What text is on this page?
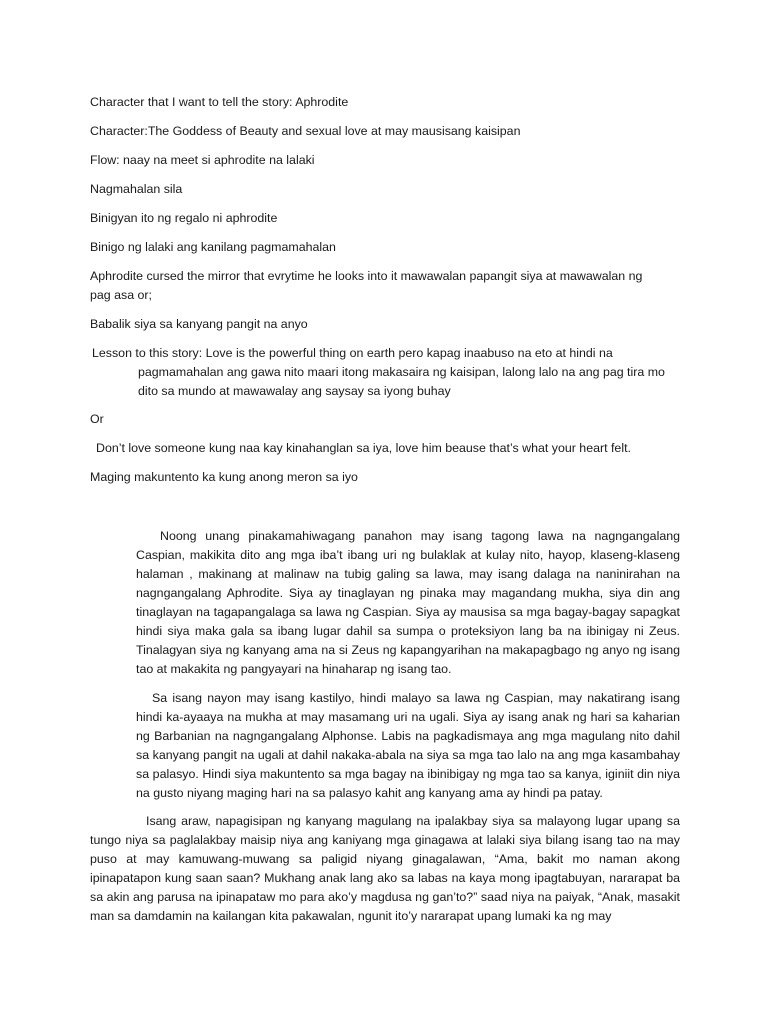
Character that I want to tell the story: Aphrodite
Character:The Goddess of Beauty and sexual love at may mausisang kaisipan
Flow: naay na meet si aphrodite na lalaki
Nagmahalan sila
Binigyan ito ng regalo ni aphrodite
Binigo ng lalaki ang kanilang pagmamahalan
Aphrodite cursed the mirror that evrytime he looks into it mawawalan papangit siya at mawawalan ng
pag asa or;
Babalik siya sa kanyang pangit na anyo
Lesson to this story: Love is the powerful thing on earth pero kapag inaabuso na eto at hindi na
pagmamahalan ang gawa nito maari itong makasaira ng kaisipan, lalong lalo na ang pag tira mo dito sa mundo at mawawalay ang saysay sa iyong buhay
Or
Don’t love someone kung naa kay kinahanglan sa iya, love him beause that’s what your heart felt.
Maging makuntento ka kung anong meron sa iyo

Noong unang pinakamahiwagang panahon may isang tagong lawa na nagngangalang Caspian, makikita dito ang mga iba’t ibang uri ng bulaklak at kulay nito, hayop, klaseng-klaseng halaman , makinang at malinaw na tubig galing sa lawa, may isang dalaga na naninirahan na nagngangalang Aphrodite. Siya ay tinaglayan ng pinaka may magandang mukha, siya din ang tinaglayan na tagapangalaga sa lawa ng Caspian. Siya ay mausisa sa mga bagay-bagay sapagkat hindi siya maka gala sa ibang lugar dahil sa sumpa o proteksiyon lang ba na ibinigay ni Zeus. Tinalagyan siya ng kanyang ama na si Zeus ng kapangyarihan na makapagbago ng anyo ng isang tao at makakita ng pangyayari na hinaharap ng isang tao.

Sa isang nayon may isang kastilyo, hindi malayo sa lawa ng Caspian, may nakatirang isang hindi ka-ayaaya na mukha at may masamang uri na ugali. Siya ay isang anak ng hari sa kaharian ng Barbanian na nagngangalang Alphonse. Labis na pagkadismaya ang mga magulang nito dahil sa kanyang pangit na ugali at dahil nakaka-abala na siya sa mga tao lalo na ang mga kasambahay sa palasyo. Hindi siya makuntento sa mga bagay na ibinibigay ng mga tao sa kanya, iginiit din niya na gusto niyang maging hari na sa palasyo kahit ang kanyang ama ay hindi pa patay.

Isang araw, napagisipan ng kanyang magulang na ipalakbay siya sa malayong lugar upang sa tungo niya sa paglalakbay maisip niya ang kaniyang mga ginagawa at lalaki siya bilang isang tao na may puso at may kamuwang-muwang sa paligid niyang ginagalawan, “Ama, bakit mo naman akong ipinapatapon kung saan saan? Mukhang anak lang ako sa labas na kaya mong ipagtabuyan, nararapat ba sa akin ang parusa na ipinapataw mo para ako’y magdusa ng gan’to?” saad niya na paiyak, “Anak, masakit man sa damdamin na kailangan kita pakawalan, ngunit ito’y nararapat upang lumaki ka ng may
